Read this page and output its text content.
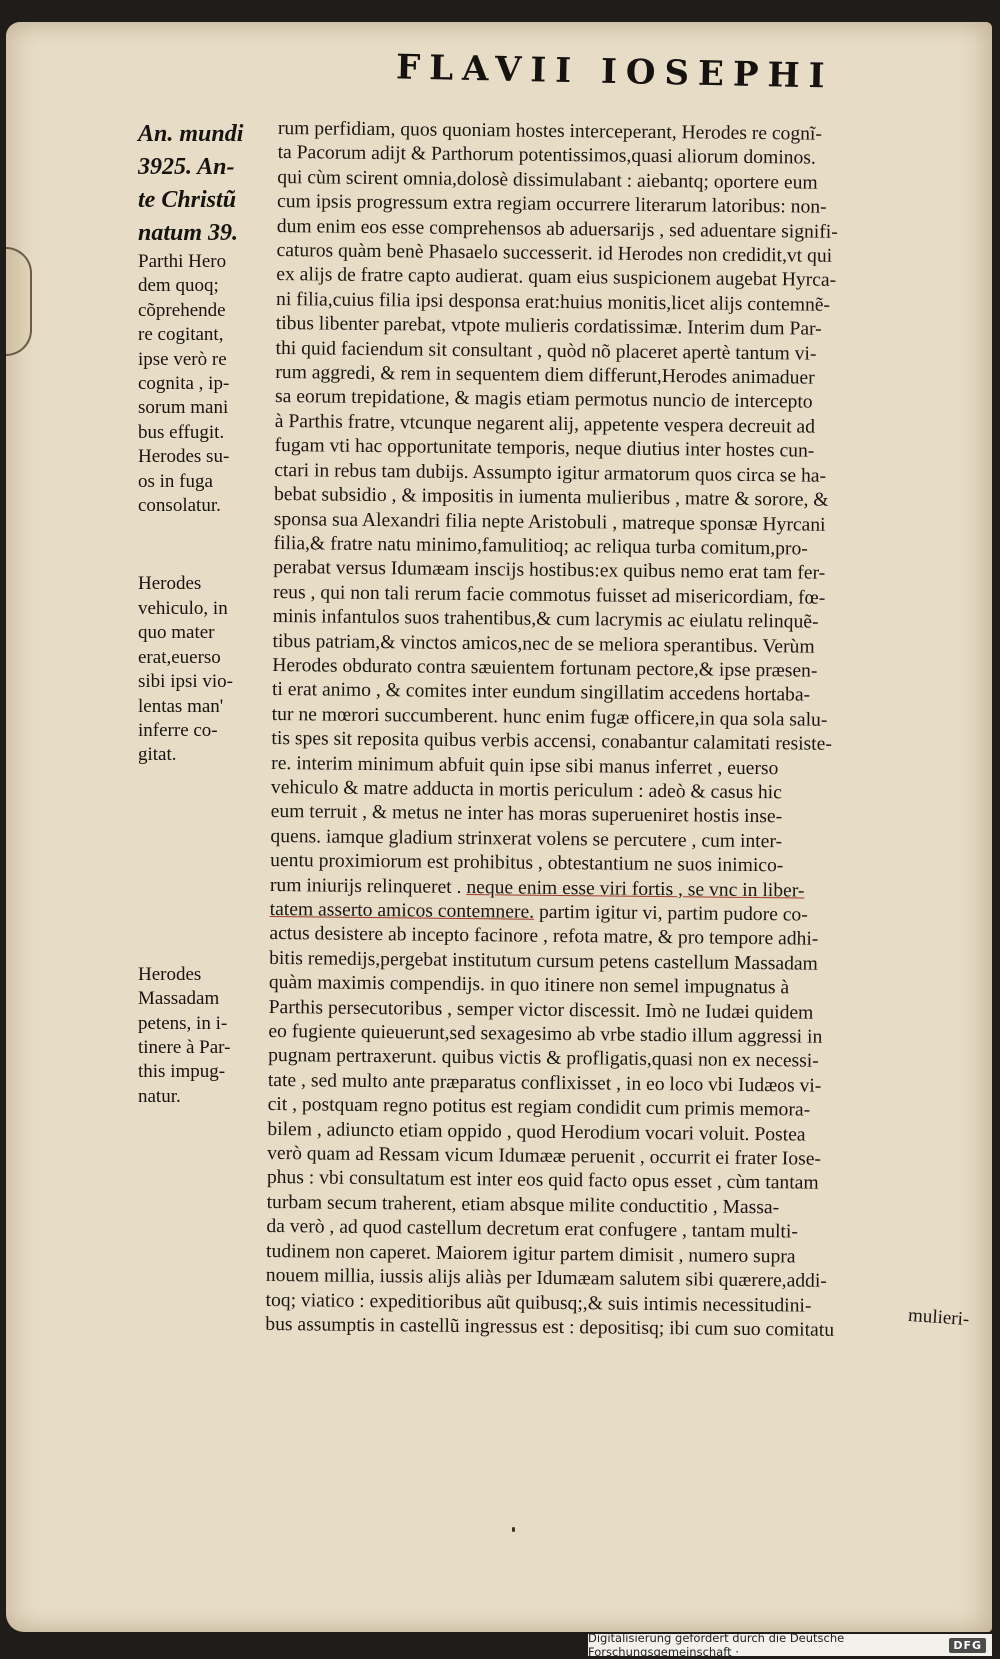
FLAVII IOSEPHI
An. mundi
3925. An-
te Christũ
natum 39.
Parthi Hero
dem quoq;
cõprehende
re cogitant,
ipse verò re
cognita , ip-
sorum mani
bus effugit.
Herodes su-
os in fuga
consolatur.
Herodes
vehiculo, in
quo mater
erat,euerso
sibi ipsi vio-
lentas man'
inferre co-
gitat.
Herodes
Massadam
petens, in i-
tinere à Par-
this impug-
natur.
rum perfidiam, quos quoniam hostes interceperant, Herodes re cognĩ-
ta Pacorum adijt & Parthorum potentissimos,quasi aliorum dominos.
qui cùm scirent omnia,dolosè dissimulabant : aiebantq; oportere eum
cum ipsis progressum extra regiam occurrere literarum latoribus: non-
dum enim eos esse comprehensos ab aduersarijs , sed aduentare signifi-
caturos quàm benè Phasaelo successerit. id Herodes non credidit,vt qui
ex alijs de fratre capto audierat. quam eius suspicionem augebat Hyrca-
ni filia,cuius filia ipsi desponsa erat:huius monitis,licet alijs contemnẽ-
tibus libenter parebat, vtpote mulieris cordatissimæ. Interim dum Par-
thi quid faciendum sit consultant , quòd nõ placeret apertè tantum vi-
rum aggredi, & rem in sequentem diem differunt,Herodes animaduer
sa eorum trepidatione, & magis etiam permotus nuncio de intercepto
à Parthis fratre, vtcunque negarent alij, appetente vespera decreuit ad
fugam vti hac opportunitate temporis, neque diutius inter hostes cun-
ctari in rebus tam dubijs. Assumpto igitur armatorum quos circa se ha-
bebat subsidio , & impositis in iumenta mulieribus , matre & sorore, &
sponsa sua Alexandri filia nepte Aristobuli , matreque sponsæ Hyrcani
filia,& fratre natu minimo,famulitioq; ac reliqua turba comitum,pro-
perabat versus Idumæam inscijs hostibus:ex quibus nemo erat tam fer-
reus , qui non tali rerum facie commotus fuisset ad misericordiam, fœ-
minis infantulos suos trahentibus,& cum lacrymis ac eiulatu relinquẽ-
tibus patriam,& vinctos amicos,nec de se meliora sperantibus. Verùm
Herodes obdurato contra sæuientem fortunam pectore,& ipse præsen-
ti erat animo , & comites inter eundum singillatim accedens hortaba-
tur ne mœrori succumberent. hunc enim fugæ officere,in qua sola salu-
tis spes sit reposita quibus verbis accensi, conabantur calamitati resiste-
re. interim minimum abfuit quin ipse sibi manus inferret , euerso
vehiculo & matre adducta in mortis periculum : adeò & casus hic
eum terruit , & metus ne inter has moras superueniret hostis inse-
quens. iamque gladium strinxerat volens se percutere , cum inter-
uentu proximiorum est prohibitus , obtestantium ne suos inimico-
rum iniurijs relinqueret . neque enim esse viri fortis , se vnc in liber-
tatem asserto amicos contemnere. partim igitur vi, partim pudore co-
actus desistere ab incepto facinore , refota matre, & pro tempore adhi-
bitis remedijs,pergebat institutum cursum petens castellum Massadam
quàm maximis compendijs. in quo itinere non semel impugnatus à
Parthis persecutoribus , semper victor discessit. Imò ne Iudæi quidem
eo fugiente quieuerunt,sed sexagesimo ab vrbe stadio illum aggressi in
pugnam pertraxerunt. quibus victis & profligatis,quasi non ex necessi-
tate , sed multo ante præparatus conflixisset , in eo loco vbi Iudæos vi-
cit , postquam regno potitus est regiam condidit cum primis memora-
bilem , adiuncto etiam oppido , quod Herodium vocari voluit. Postea
verò quam ad Ressam vicum Idumææ peruenit , occurrit ei frater Iose-
phus : vbi consultatum est inter eos quid facto opus esset , cùm tantam
turbam secum traherent, etiam absque milite conductitio , Massa-
da verò , ad quod castellum decretum erat confugere , tantam multi-
tudinem non caperet. Maiorem igitur partem dimisit , numero supra
nouem millia, iussis alijs aliàs per Idumæam salutem sibi quærere,addi-
toq; viatico : expeditioribus aũt quibusq;,& suis intimis necessitudini-
bus assumptis in castellũ ingressus est : depositisq; ibi cum suo comitatu	mulieri-
Digitalisierung gefördert durch die Deutsche Forschungsgemeinschaft ·	DFG
